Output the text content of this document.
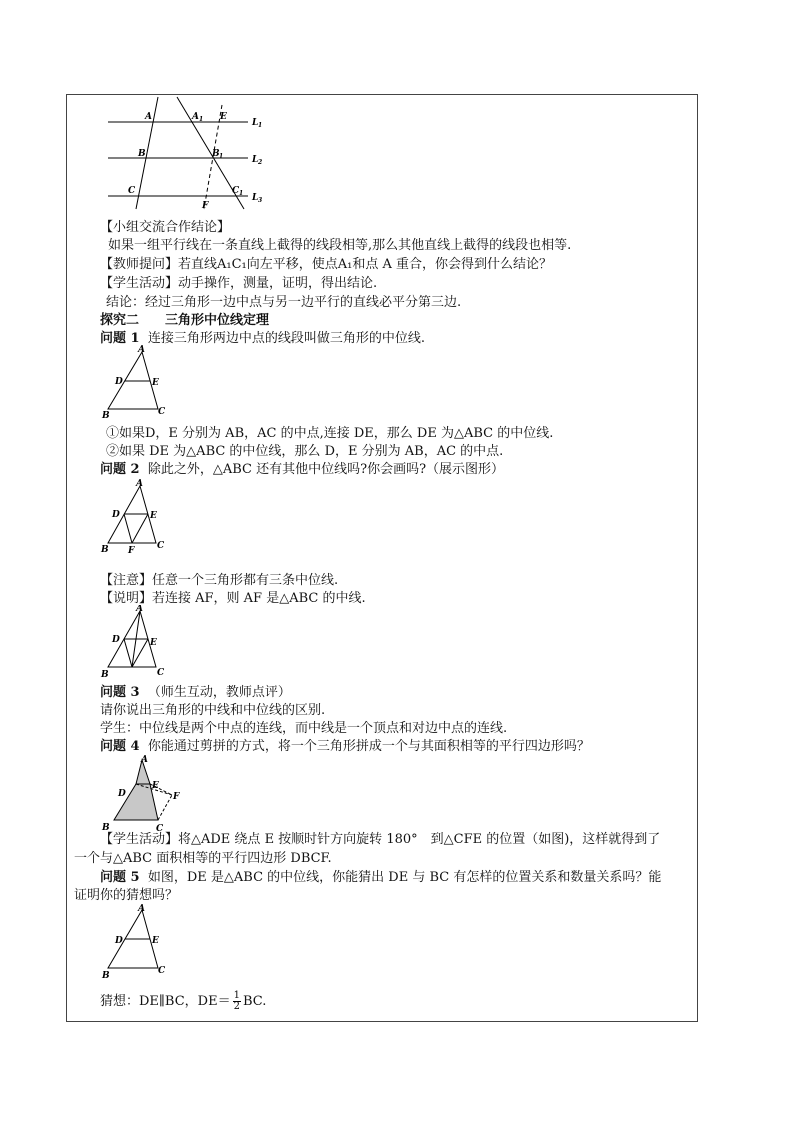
A	A 1 E
L 1
B	B 1	L 2
C	C 1 L 3
F
【小组交流合作结论】
如果一组平行线在一条直线上截得的线段相等,那么其他直线上截得的线段也相等.
【教师提问】若直线A₁C₁向左平移，使点A₁和点 A 重合，你会得到什么结论？
【学生活动】动手操作，测量，证明，得出结论.
结论：经过三角形一边中点与另一边平行的直线必平分第三边.
探究二　　三角形中位线定理
问题 1 连接三角形两边中点的线段叫做三角形的中位线.
A
D	E
B	C
①如果D，E 分别为 AB，AC 的中点,连接 DE，那么 DE 为△ABC 的中位线.
②如果 DE 为△ABC 的中位线，那么 D，E 分别为 AB，AC 的中点.
问题 2 除此之外，△ABC 还有其他中位线吗?你会画吗?（展示图形）
A
D	E
B F	C
【注意】任意一个三角形都有三条中位线.
【说明】若连接 AF，则 AF 是△ABC 的中线.
A
D	E
B	C
问题 3 （师生互动，教师点评）
请你说出三角形的中线和中位线的区别.
学生：中位线是两个中点的连线，而中线是一个顶点和对边中点的连线.
问题 4 你能通过剪拼的方式，将一个三角形拼成一个与其面积相等的平行四边形吗？
A
D
E
F
B	C
【学生活动】将△ADE 绕点 E 按顺时针方向旋转 180°　到△CFE 的位置（如图)，这样就得到了
一个与△ABC 面积相等的平行四边形 DBCF.
问题 5 如图，DE 是△ABC 的中位线，你能猜出 DE 与 BC 有怎样的位置关系和数量关系吗？能
证明你的猜想吗？
A
D	E
B	C
猜想：DE∥BC，$DE= \frac{1}{2}$ BC.
